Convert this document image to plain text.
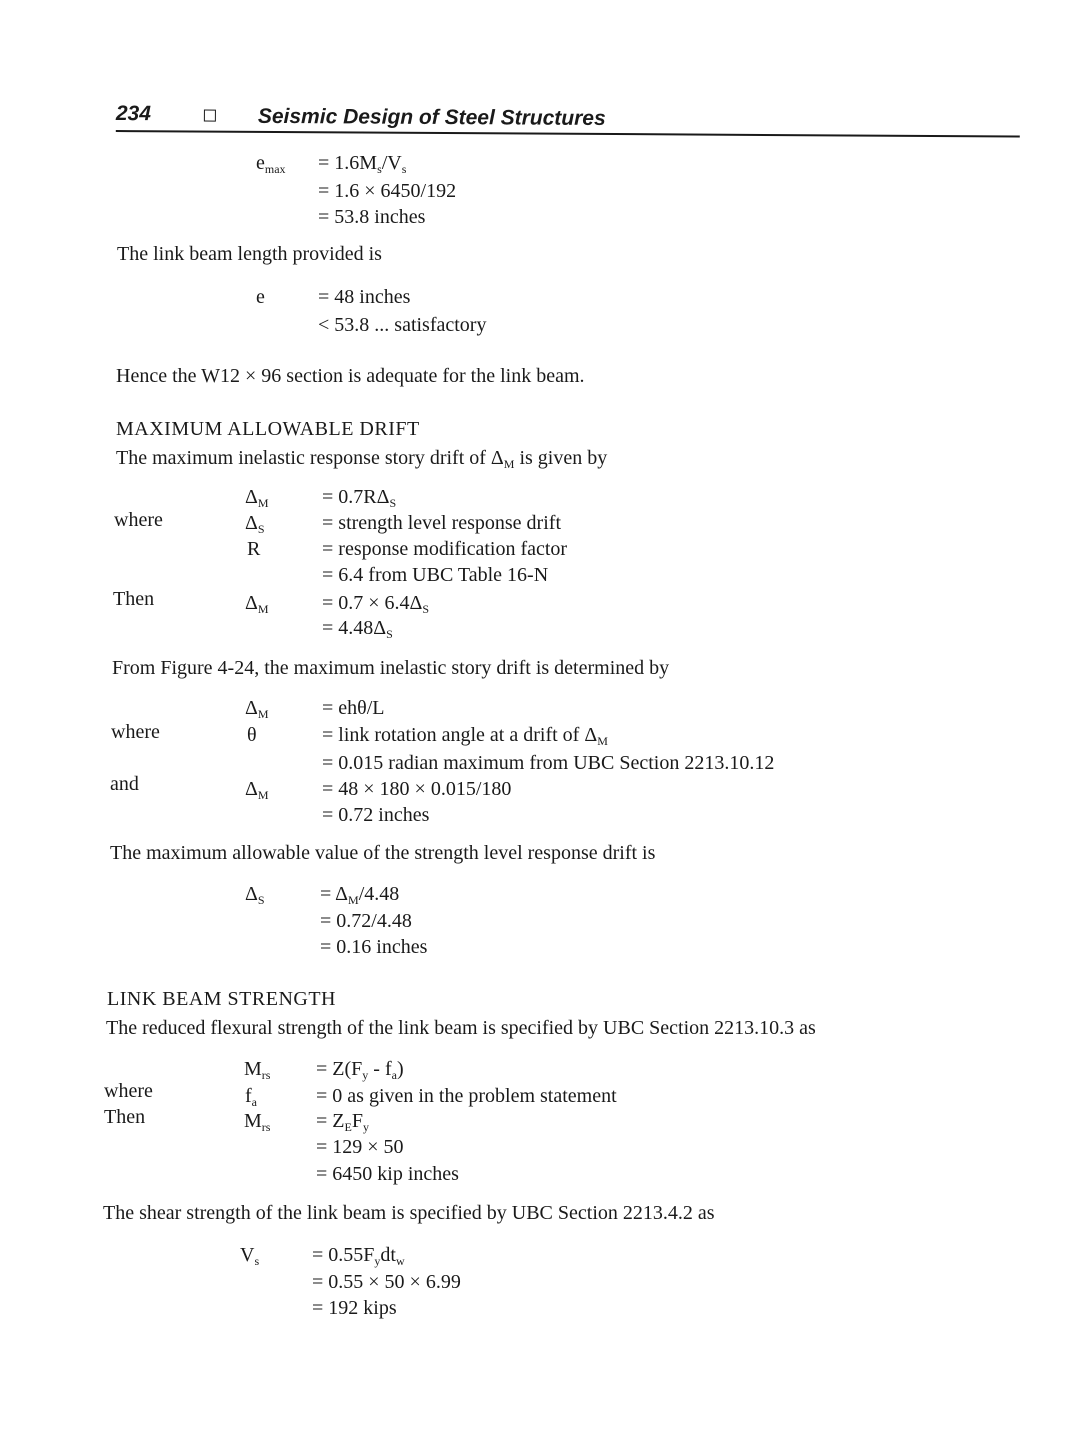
234	Seismic Design of Steel Structures
$e_{max} = 1.6M_s/V_s$
= 1.6 × 6450/192
= 53.8 inches
The link beam length provided is
e	= 48 inches
< 53.8 ... satisfactory
Hence the W12 × 96 section is adequate for the link beam.
MAXIMUM ALLOWABLE DRIFT
The maximum inelastic response story drift of $\Delta_M$ is given by
$\Delta_M$	= $0.7R\Delta_S$
where	$\Delta_S$	= strength level response drift
R	= response modification factor
= 6.4 from UBC Table 16-N
Then	$\Delta_M$	= $0.7 \times 6.4\Delta_S$
= $4.48\Delta_S$
From Figure 4-24, the maximum inelastic story drift is determined by
$\Delta_M$	= ehθ/L
where	θ	= link rotation angle at a drift of $\Delta_M$
= 0.015 radian maximum from UBC Section 2213.10.12
and	$\Delta_M$	= 48 × 180 × 0.015/180
= 0.72 inches
The maximum allowable value of the strength level response drift is
$\Delta_S$	= $\Delta_M/4.48$
= 0.72/4.48
= 0.16 inches
LINK BEAM STRENGTH
The reduced flexural strength of the link beam is specified by UBC Section 2213.10.3 as
$M_{rs} = Z(F_y - f_a)$
where	$f_a$	= 0 as given in the problem statement
Then	$M_{rs} = Z_EF_y$
= 129 × 50
= 6450 kip inches
The shear strength of the link beam is specified by UBC Section 2213.4.2 as
$V_s$	= $0.55F_ydt_w$
= 0.55 × 50 × 6.99
= 192 kips
